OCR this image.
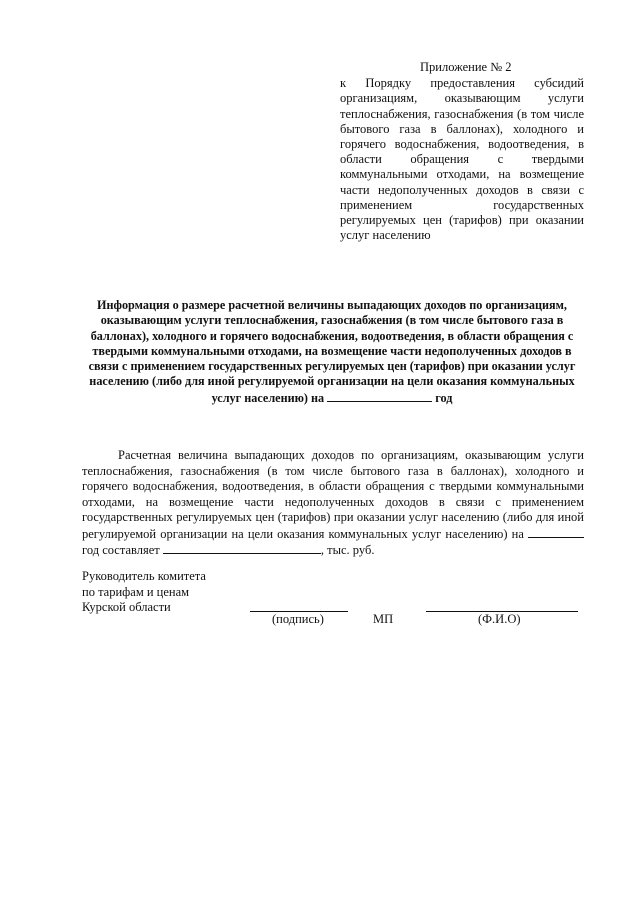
Приложение № 2
к Порядку предоставления субсидий организациям, оказывающим услуги теплоснабжения, газоснабжения (в том числе бытового газа в баллонах), холодного и горячего водоснабжения, водоотведения, в области обращения с твердыми коммунальными отходами, на возмещение части недополученных доходов в связи с применением государственных регулируемых цен (тарифов) при оказании услуг населению
Информация о размере расчетной величины выпадающих доходов по организациям, оказывающим услуги теплоснабжения, газоснабжения (в том числе бытового газа в баллонах), холодного и горячего водоснабжения, водоотведения, в области обращения с твердыми коммунальными отходами, на возмещение части недополученных доходов в связи с применением государственных регулируемых цен (тарифов) при оказании услуг населению (либо для иной регулируемой организации на цели оказания коммунальных услуг населению) на	год
Расчетная величина выпадающих доходов по организациям, оказывающим услуги теплоснабжения, газоснабжения (в том числе бытового газа в баллонах), холодного и горячего водоснабжения, водоотведения, в области обращения с твердыми коммунальными отходами, на возмещение части недополученных доходов в связи с применением государственных регулируемых цен (тарифов) при оказании услуг населению (либо для иной регулируемой организации на цели оказания коммунальных услуг населению) на  год составляет	, тыс. руб.
Руководитель комитета
по тарифам и ценам
Курской области
(подпись)	МП	(Ф.И.О)
